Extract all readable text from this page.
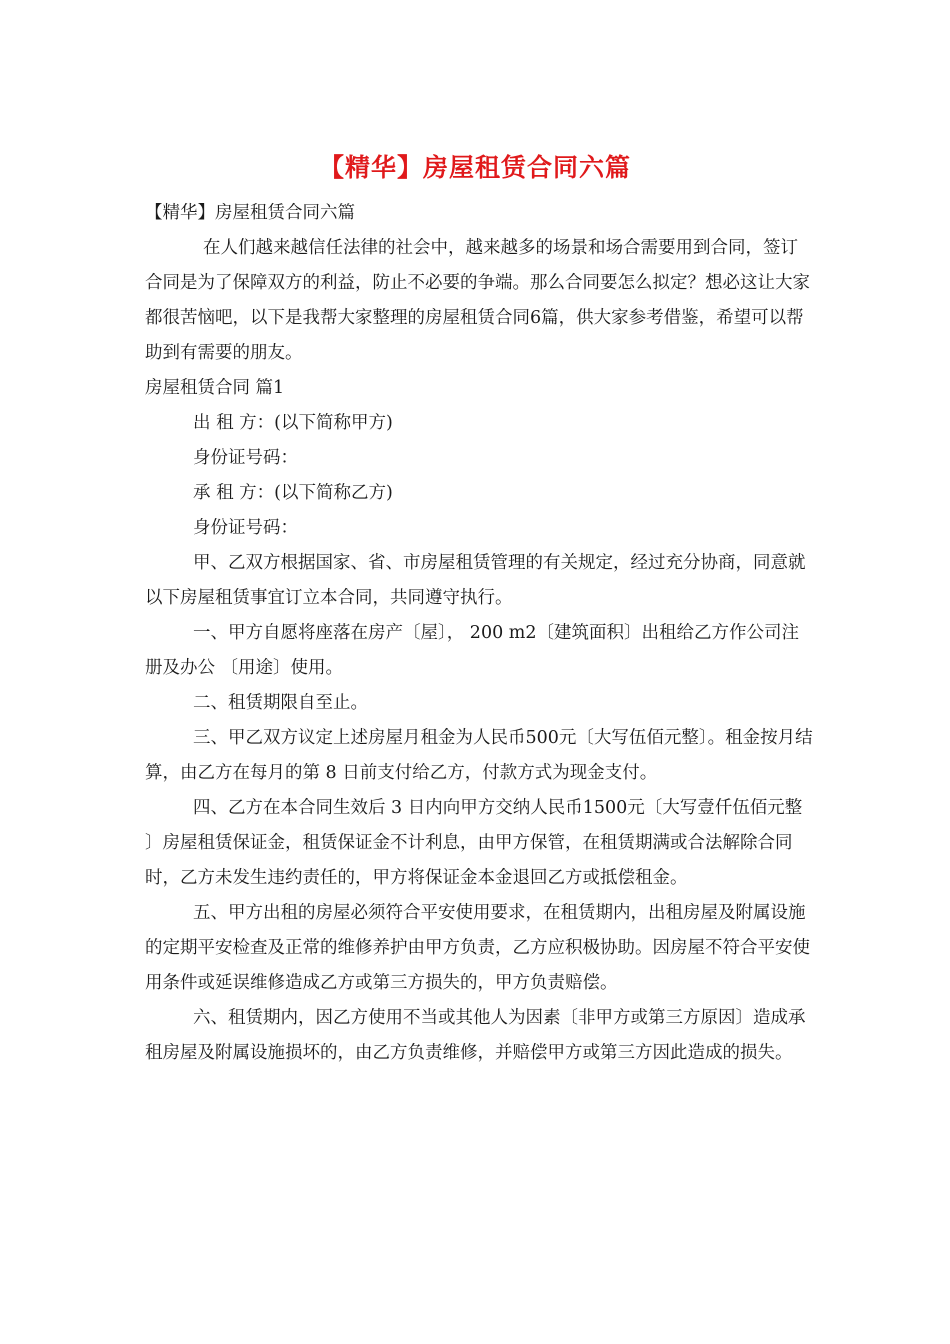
【精华】房屋租赁合同六篇

【精华】房屋租赁合同六篇

在人们越来越信任法律的社会中，越来越多的场景和场合需要用到合同，签订合同是为了保障双方的利益，防止不必要的争端。那么合同要怎么拟定？想必这让大家都很苦恼吧，以下是我帮大家整理的房屋租赁合同6篇，供大家参考借鉴，希望可以帮助到有需要的朋友。

房屋租赁合同 篇1

出 租 方：(以下简称甲方)

身份证号码：

承 租 方：(以下简称乙方)

身份证号码：

甲、乙双方根据国家、省、市房屋租赁管理的有关规定，经过充分协商，同意就以下房屋租赁事宜订立本合同，共同遵守执行。

一、甲方自愿将座落在房产〔屋〕， 200 m2〔建筑面积〕出租给乙方作公司注册及办公 〔用途〕使用。

二、租赁期限自至止。

三、甲乙双方议定上述房屋月租金为人民币500元〔大写伍佰元整〕。租金按月结算，由乙方在每月的第 8 日前支付给乙方，付款方式为现金支付。

四、乙方在本合同生效后 3 日内向甲方交纳人民币1500元〔大写壹仟伍佰元整 〕房屋租赁保证金，租赁保证金不计利息，由甲方保管，在租赁期满或合法解除合同时，乙方未发生违约责任的，甲方将保证金本金退回乙方或抵偿租金。

五、甲方出租的房屋必须符合平安使用要求，在租赁期内，出租房屋及附属设施的定期平安检查及正常的维修养护由甲方负责，乙方应积极协助。因房屋不符合平安使用条件或延误维修造成乙方或第三方损失的，甲方负责赔偿。

六、租赁期内，因乙方使用不当或其他人为因素〔非甲方或第三方原因〕造成承租房屋及附属设施损坏的，由乙方负责维修，并赔偿甲方或第三方因此造成的损失。
